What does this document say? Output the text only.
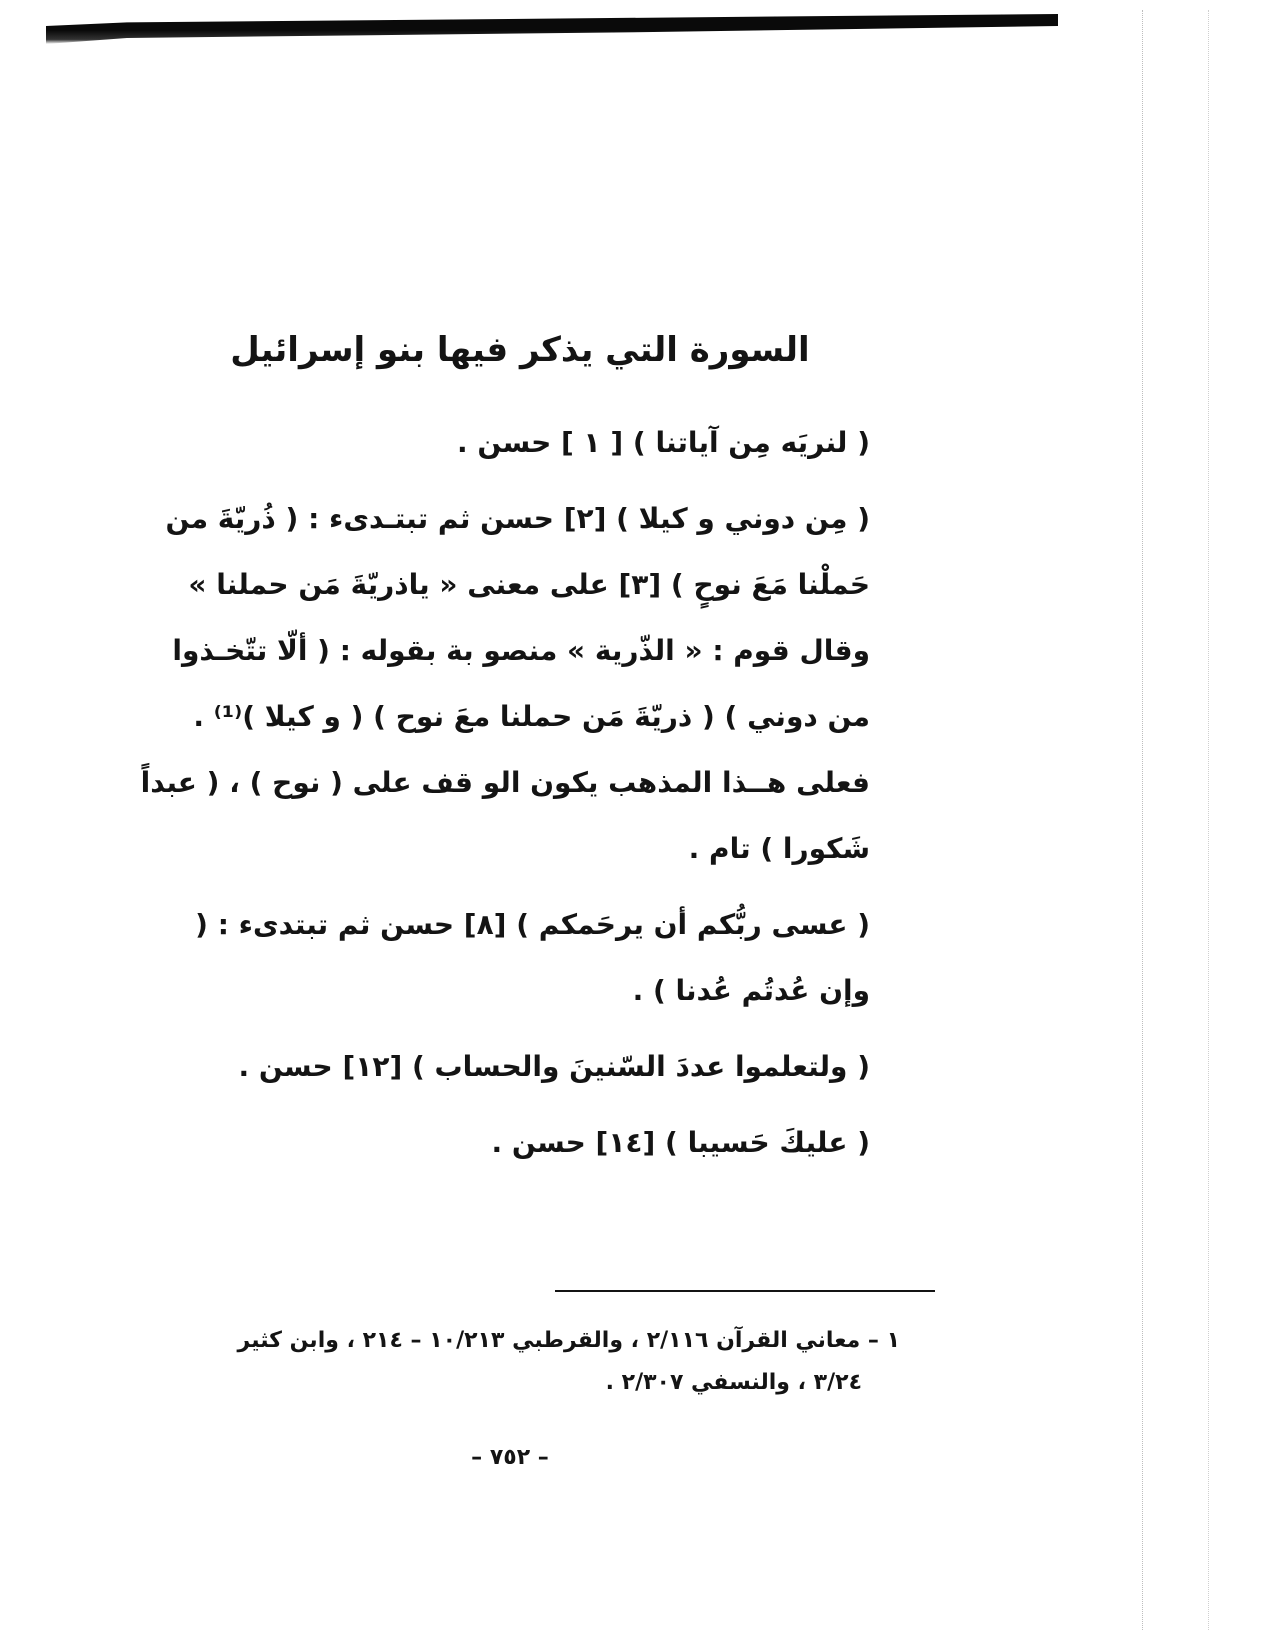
السورة التي يذكر فيها بنو إسرائيل

( لنريَه مِن آياتنا ) [ ١ ] حسن .

( مِن دوني و كيلا ) [٢] حسن ثم تبتـدىء : ( ذُريّةَ من حَملْنا مَعَ نوحٍ ) [٣] على معنى « ياذريّةَ مَن حملنا » وقال قوم : « الذّرية » منصو بة بقوله : ( ألّا تتّخـذوا من دوني ) ( ذريّةَ مَن حملنا معَ نوح ) ( و كيلا )⁽¹⁾ . فعلى هــذا المذهب يكون الو قف على ( نوح ) ، ( عبداً شَكورا ) تام .

( عسى ربُّكم أن يرحَمكم ) [٨] حسن ثم تبتدىء : ( وإن عُدتُم عُدنا ) .

( ولتعلموا عددَ السّنينَ والحساب ) [١٢] حسن .

( عليكَ حَسيبا ) [١٤] حسن .

١ – معاني القرآن ٢/١١٦ ، والقرطبي ١٠/٢١٣ – ٢١٤ ، وابن كثير
٣/٢٤ ، والنسفي ٢/٣٠٧ .
– ٧٥٢ –
